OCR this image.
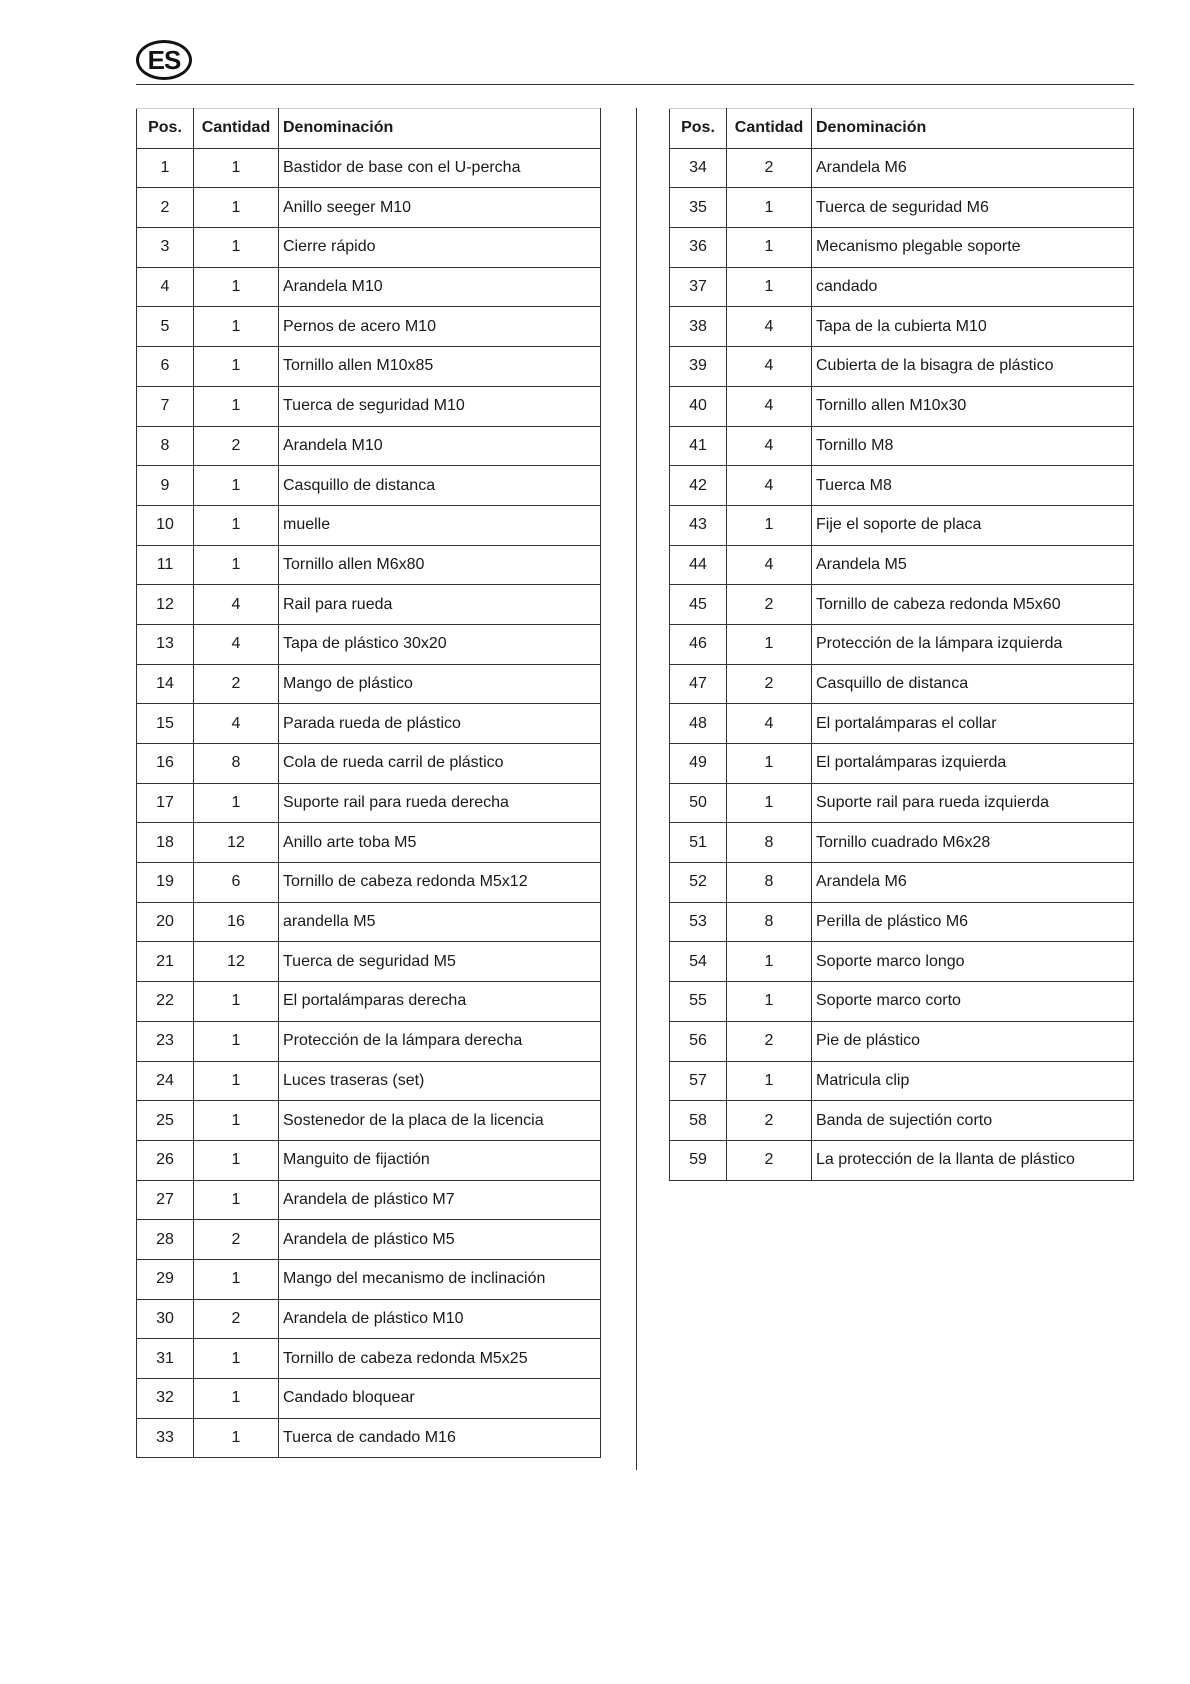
ES
Pos.	Cantidad	Denominación
1	1	Bastidor de base con el U-percha
2	1	Anillo seeger M10
3	1	Cierre rápido
4	1	Arandela M10
5	1	Pernos de acero M10
6	1	Tornillo allen M10x85
7	1	Tuerca de seguridad M10
8	2	Arandela M10
9	1	Casquillo de distanca
10	1	muelle
11	1	Tornillo allen M6x80
12	4	Rail para rueda
13	4	Tapa de plástico 30x20
14	2	Mango de plástico
15	4	Parada rueda de plástico
16	8	Cola de rueda carril de plástico
17	1	Suporte rail para rueda derecha
18	12	Anillo arte toba M5
19	6	Tornillo de cabeza redonda M5x12
20	16	arandella M5
21	12	Tuerca de seguridad M5
22	1	El portalámparas derecha
23	1	Protección de la lámpara derecha
24	1	Luces traseras (set)
25	1	Sostenedor de la placa de la licencia
26	1	Manguito de fijactión
27	1	Arandela de plástico M7
28	2	Arandela de plástico M5
29	1	Mango del mecanismo de inclinación
30	2	Arandela de plástico M10
31	1	Tornillo de cabeza redonda M5x25
32	1	Candado bloquear
33	1	Tuerca de candado M16
Pos.	Cantidad	Denominación
34	2	Arandela M6
35	1	Tuerca de seguridad M6
36	1	Mecanismo plegable soporte
37	1	candado
38	4	Tapa de la cubierta M10
39	4	Cubierta de la bisagra de plástico
40	4	Tornillo allen M10x30
41	4	Tornillo M8
42	4	Tuerca M8
43	1	Fije el soporte de placa
44	4	Arandela M5
45	2	Tornillo de cabeza redonda M5x60
46	1	Protección de la lámpara izquierda
47	2	Casquillo de distanca
48	4	El portalámparas el collar
49	1	El portalámparas izquierda
50	1	Suporte rail para rueda izquierda
51	8	Tornillo cuadrado M6x28
52	8	Arandela M6
53	8	Perilla de plástico M6
54	1	Soporte marco longo
55	1	Soporte marco corto
56	2	Pie de plástico
57	1	Matricula clip
58	2	Banda de sujectión corto
59	2	La protección de la llanta de plástico
